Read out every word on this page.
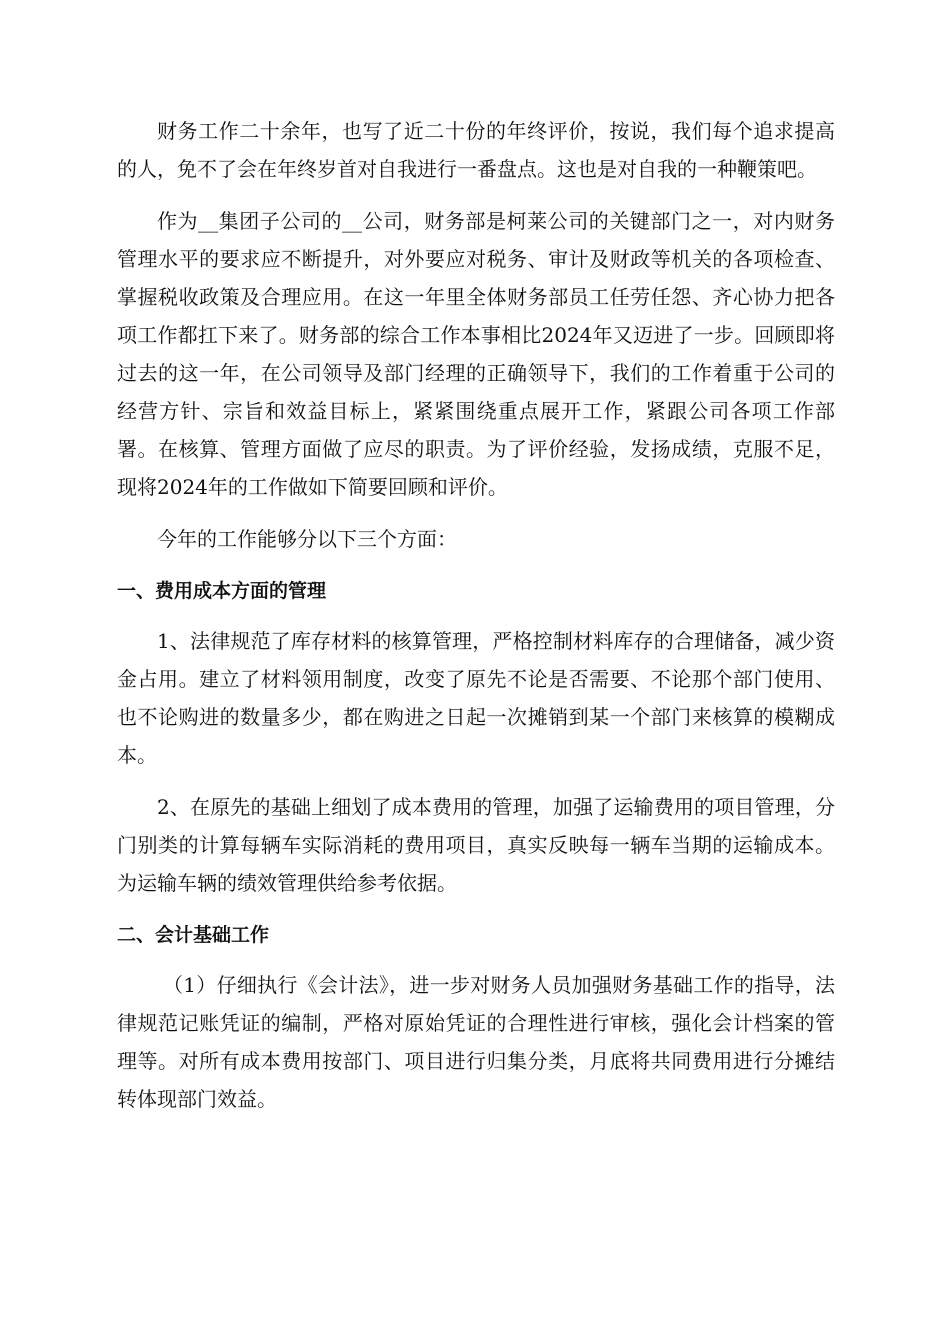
财务工作二十余年，也写了近二十份的年终评价，按说，我们每个追求提高的人，免不了会在年终岁首对自我进行一番盘点。这也是对自我的一种鞭策吧。

作为__集团子公司的__公司，财务部是柯莱公司的关键部门之一，对内财务管理水平的要求应不断提升，对外要应对税务、审计及财政等机关的各项检查、掌握税收政策及合理应用。在这一年里全体财务部员工任劳任怨、齐心协力把各项工作都扛下来了。财务部的综合工作本事相比2024年又迈进了一步。回顾即将过去的这一年，在公司领导及部门经理的正确领导下，我们的工作着重于公司的经营方针、宗旨和效益目标上，紧紧围绕重点展开工作，紧跟公司各项工作部署。在核算、管理方面做了应尽的职责。为了评价经验，发扬成绩，克服不足，现将2024年的工作做如下简要回顾和评价。

今年的工作能够分以下三个方面：

一、费用成本方面的管理

1、法律规范了库存材料的核算管理，严格控制材料库存的合理储备，减少资金占用。建立了材料领用制度，改变了原先不论是否需要、不论那个部门使用、也不论购进的数量多少，都在购进之日起一次摊销到某一个部门来核算的模糊成本。

2、在原先的基础上细划了成本费用的管理，加强了运输费用的项目管理，分门别类的计算每辆车实际消耗的费用项目，真实反映每一辆车当期的运输成本。为运输车辆的绩效管理供给参考依据。

二、会计基础工作

（1）仔细执行《会计法》，进一步对财务人员加强财务基础工作的指导，法律规范记账凭证的编制，严格对原始凭证的合理性进行审核，强化会计档案的管理等。对所有成本费用按部门、项目进行归集分类，月底将共同费用进行分摊结转体现部门效益。
